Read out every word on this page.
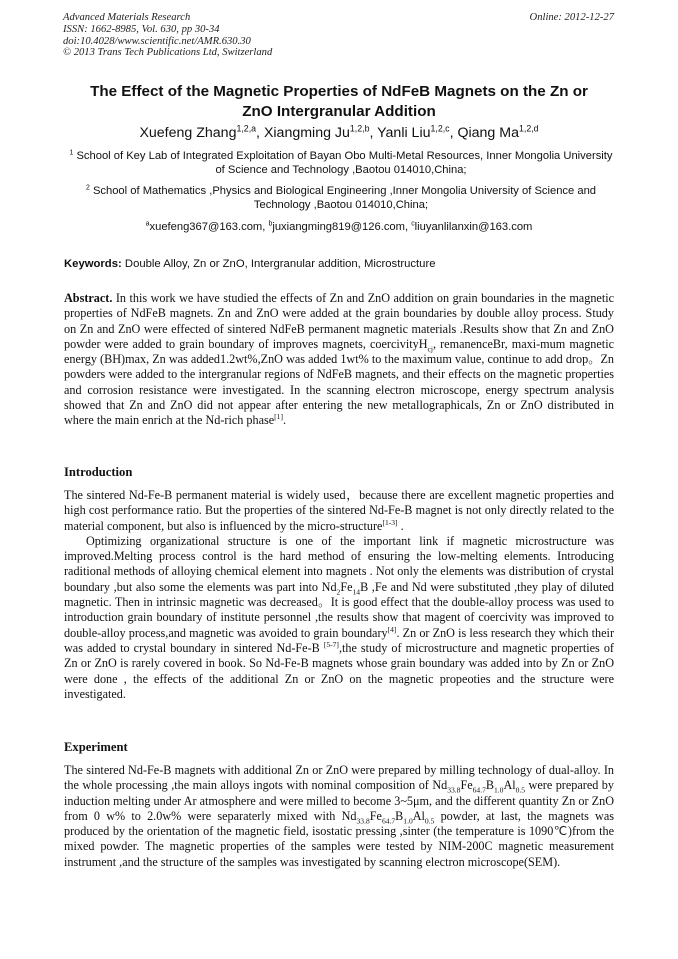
Advanced Materials Research
ISSN: 1662-8985, Vol. 630, pp 30-34
doi:10.4028/www.scientific.net/AMR.630.30
© 2013 Trans Tech Publications Ltd, Switzerland
Online: 2012-12-27
The Effect of the Magnetic Properties of NdFeB Magnets on the Zn or
ZnO Intergranular Addition
Xuefeng Zhang$^{1,2,a}$, Xiangming Ju$^{1,2,b}$, Yanli Liu$^{1,2,c}$, Qiang Ma$^{1,2,d}$
$^1$ School of Key Lab of Integrated Exploitation of Bayan Obo Multi-Metal Resources, Inner Mongolia University of Science and Technology ,Baotou 014010,China;
$^2$ School of Mathematics ,Physics and Biological Engineering ,Inner Mongolia University of Science and Technology ,Baotou 014010,China;
$^a$xuefeng367@163.com, $^b$juxiangming819@126.com, $^c$liuyanlilanxin@163.com
Keywords: Double Alloy, Zn or ZnO, Intergranular addition, Microstructure

Abstract. In this work we have studied the effects of Zn and ZnO addition on grain boundaries in the magnetic properties of NdFeB magnets. Zn and ZnO were added at the grain boundaries by double alloy process. Study on Zn and ZnO were effected of sintered NdFeB permanent magnetic materials .Results show that Zn and ZnO powder were added to grain boundary of improves magnets, coercivityH$_{cj}$, remanenceBr, maxi-mum magnetic energy (BH)max, Zn was added1.2wt%,ZnO was added 1wt% to the maximum value, continue to add drop。Zn powders were added to the intergranular regions of NdFeB magnets, and their effects on the magnetic properties and corrosion resistance were investigated. In the scanning electron microscope, energy spectrum analysis showed that Zn and ZnO did not appear after entering the new metallographicals, Zn or ZnO distributed in where the main enrich at the Nd-rich phase[1].

Introduction

The sintered Nd-Fe-B permanent material is widely used，because there are excellent magnetic properties and high cost performance ratio. But the properties of the sintered Nd-Fe-B magnet is not only directly related to the material component, but also is influenced by the micro-structure[1-3] .

Optimizing organizational structure is one of the important link if magnetic microstructure was improved.Melting process control is the hard method of ensuring the low-melting elements. Introducing raditional methods of alloying chemical element into magnets . Not only the elements was distribution of crystal boundary ,but also some the elements was part into $Nd_2Fe_{14}B$ ,Fe and Nd were substituted ,they play of diluted magnetic. Then in intrinsic magnetic was decreased。It is good effect that the double-alloy process was used to introduction grain boundary of institute personnel ,the results show that magent of coercivity was improved to double-alloy process,and magnetic was avoided to grain boundary[4]. Zn or ZnO is less research they which their was added to crystal boundary in sintered Nd-Fe-B [5-7],the study of microstructure and magnetic properties of Zn or ZnO is rarely covered in book. So Nd-Fe-B magnets whose grain boundary was added into by Zn or ZnO were done , the effects of the additional Zn or ZnO on the magnetic propeoties and the structure were investigated.

Experiment

The sintered Nd-Fe-B magnets with additional Zn or ZnO were prepared by milling technology of dual-alloy. In the whole processing ,the main alloys ingots with nominal composition of $Nd_{33.8}Fe_{64.7}B_{1.0}Al_{0.5}$ were prepared by induction melting under Ar atmosphere and were milled to become 3~5μm, and the different quantity Zn or ZnO from 0 w% to 2.0w% were separaterly mixed with $Nd_{33.8}Fe_{64.7}B_{1.0}Al_{0.5}$ powder, at last, the magnets was produced by the orientation of the magnetic field, isostatic pressing ,sinter (the temperature is 1090℃)from the mixed powder. The magnetic properties of the samples were tested by NIM-200C magnetic measurement instrument ,and the structure of the samples was investigated by scanning electron microscope(SEM).
